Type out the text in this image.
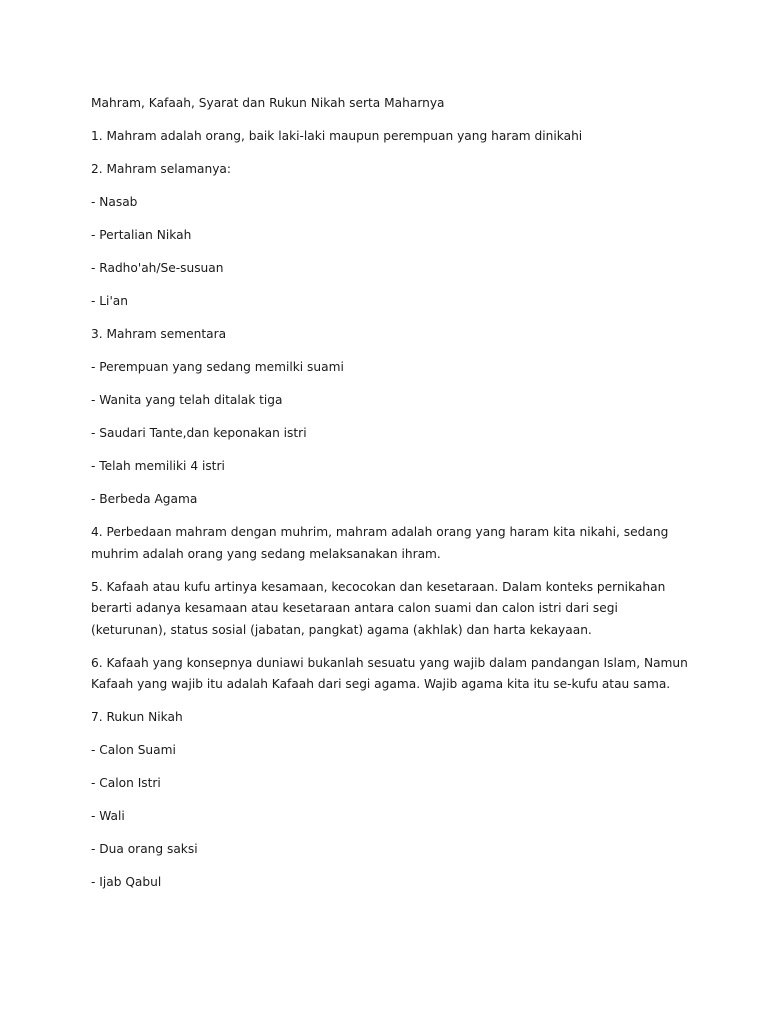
Mahram, Kafaah, Syarat dan Rukun Nikah serta Maharnya
1. Mahram adalah orang, baik laki-laki maupun perempuan yang haram dinikahi
2. Mahram selamanya:
- Nasab
- Pertalian Nikah
- Radho'ah/Se-susuan
- Li'an
3. Mahram sementara
- Perempuan yang sedang memilki suami
- Wanita yang telah ditalak tiga
- Saudari Tante,dan keponakan istri
- Telah memiliki 4 istri
- Berbeda Agama
4. Perbedaan mahram dengan muhrim, mahram adalah orang yang haram kita nikahi, sedang muhrim adalah orang yang sedang melaksanakan ihram.
5. Kafaah atau kufu artinya kesamaan, kecocokan dan kesetaraan. Dalam konteks pernikahan berarti adanya kesamaan atau kesetaraan antara calon suami dan calon istri dari segi (keturunan), status sosial (jabatan, pangkat) agama (akhlak) dan harta kekayaan.
6. Kafaah yang konsepnya duniawi bukanlah sesuatu yang wajib dalam pandangan Islam, Namun Kafaah yang wajib itu adalah Kafaah dari segi agama. Wajib agama kita itu se-kufu atau sama.
7. Rukun Nikah
- Calon Suami
- Calon Istri
- Wali
- Dua orang saksi
- Ijab Qabul
